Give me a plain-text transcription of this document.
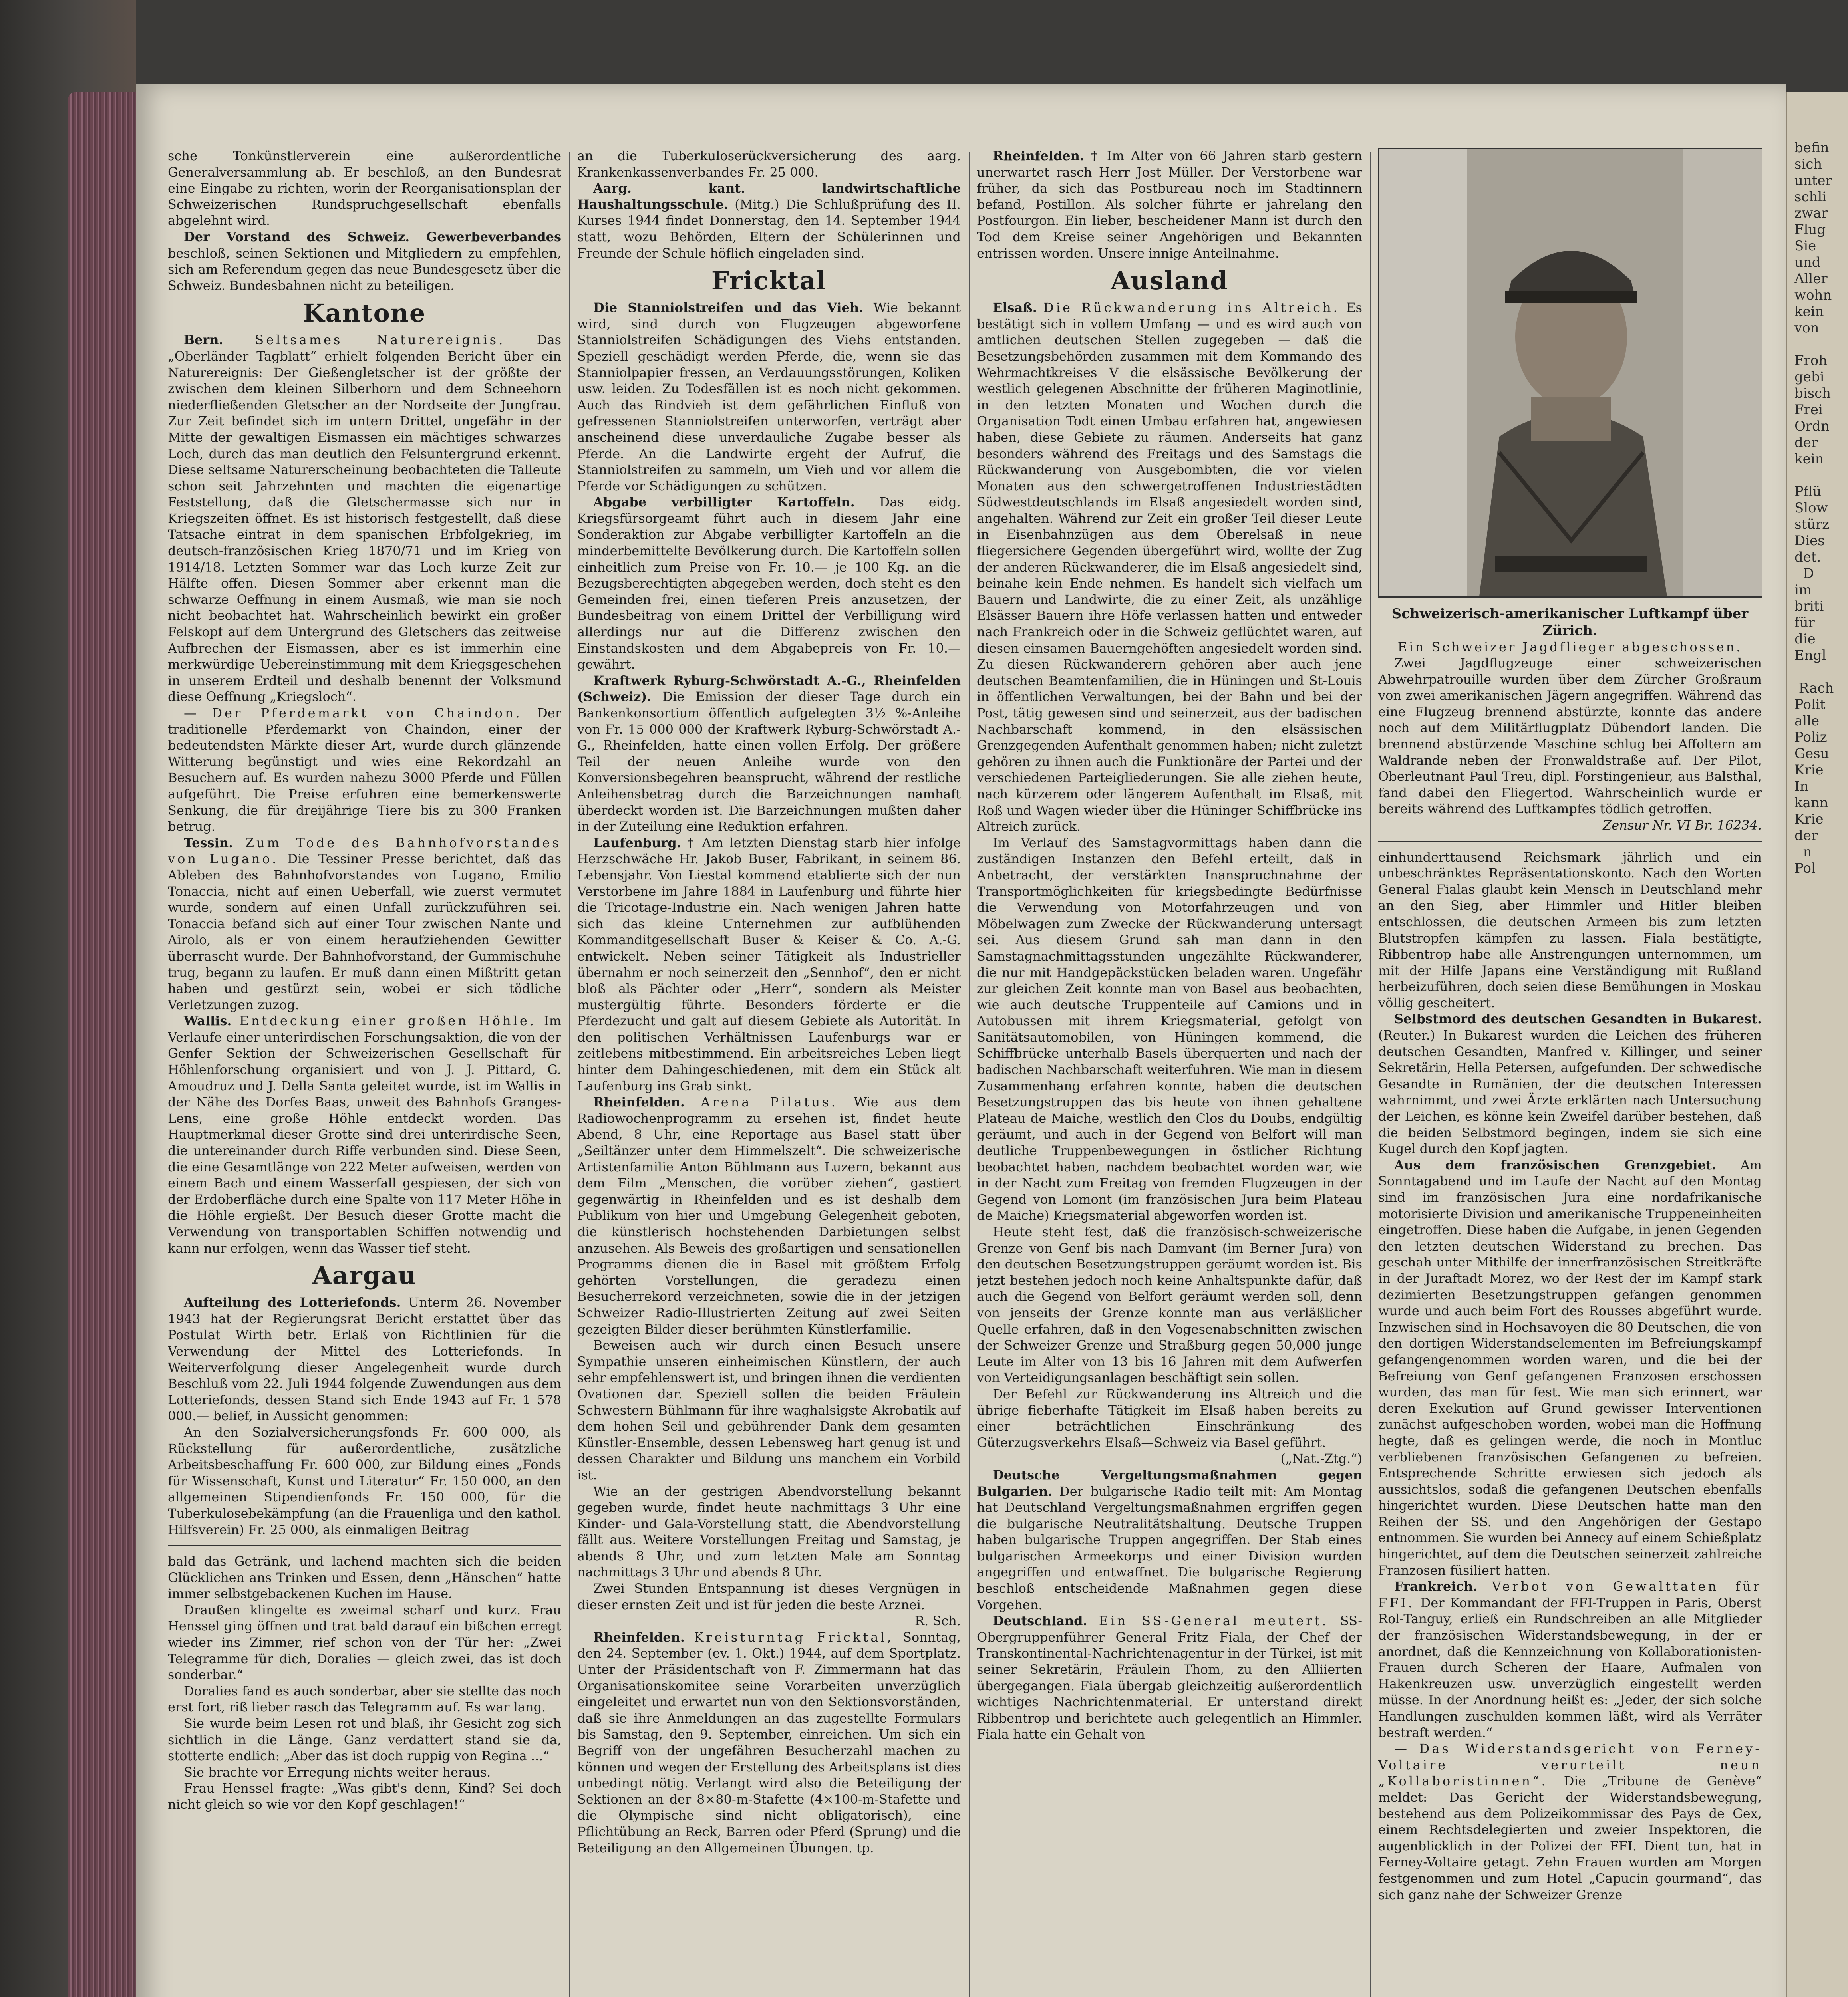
sche Tonkünstlerverein eine außerordentliche Generalversammlung ab. Er beschloß, an den Bundesrat eine Eingabe zu richten, worin der Reorganisationsplan der Schweizerischen Rundspruchgesellschaft ebenfalls abgelehnt wird.

Der Vorstand des Schweiz. Gewerbeverbandes beschloß, seinen Sektionen und Mitgliedern zu empfehlen, sich am Referendum gegen das neue Bundesgesetz über die Schweiz. Bundesbahnen nicht zu beteiligen.

Kantone

Bern. Seltsames Naturereignis. Das „Oberländer Tagblatt“ erhielt folgenden Bericht über ein Naturereignis: Der Gießengletscher ist der größte der zwischen dem kleinen Silberhorn und dem Schneehorn niederfließenden Gletscher an der Nordseite der Jungfrau. Zur Zeit befindet sich im untern Drittel, ungefähr in der Mitte der gewaltigen Eismassen ein mächtiges schwarzes Loch, durch das man deutlich den Felsuntergrund erkennt. Diese seltsame Naturerscheinung beobachteten die Talleute schon seit Jahrzehnten und machten die eigenartige Feststellung, daß die Gletschermasse sich nur in Kriegszeiten öffnet. Es ist historisch festgestellt, daß diese Tatsache eintrat in dem spanischen Erbfolgekrieg, im deutsch-französischen Krieg 1870/71 und im Krieg von 1914/18. Letzten Sommer war das Loch kurze Zeit zur Hälfte offen. Diesen Sommer aber erkennt man die schwarze Oeffnung in einem Ausmaß, wie man sie noch nicht beobachtet hat. Wahrscheinlich bewirkt ein großer Felskopf auf dem Untergrund des Gletschers das zeitweise Aufbrechen der Eismassen, aber es ist immerhin eine merkwürdige Uebereinstimmung mit dem Kriegsgeschehen in unserem Erdteil und deshalb benennt der Volksmund diese Oeffnung „Kriegsloch“.

— Der Pferdemarkt von Chaindon. Der traditionelle Pferdemarkt von Chaindon, einer der bedeutendsten Märkte dieser Art, wurde durch glänzende Witterung begünstigt und wies eine Rekordzahl an Besuchern auf. Es wurden nahezu 3000 Pferde und Füllen aufgeführt. Die Preise erfuhren eine bemerkenswerte Senkung, die für dreijährige Tiere bis zu 300 Franken betrug.

Tessin. Zum Tode des Bahnhofvorstandes von Lugano. Die Tessiner Presse berichtet, daß das Ableben des Bahnhofvorstandes von Lugano, Emilio Tonaccia, nicht auf einen Ueberfall, wie zuerst vermutet wurde, sondern auf einen Unfall zurückzuführen sei. Tonaccia befand sich auf einer Tour zwischen Nante und Airolo, als er von einem heraufziehenden Gewitter überrascht wurde. Der Bahnhofvorstand, der Gummischuhe trug, begann zu laufen. Er muß dann einen Mißtritt getan haben und gestürzt sein, wobei er sich tödliche Verletzungen zuzog.

Wallis. Entdeckung einer großen Höhle. Im Verlaufe einer unterirdischen Forschungsaktion, die von der Genfer Sektion der Schweizerischen Gesellschaft für Höhlenforschung organisiert und von J. J. Pittard, G. Amoudruz und J. Della Santa geleitet wurde, ist im Wallis in der Nähe des Dorfes Baas, unweit des Bahnhofs Granges-Lens, eine große Höhle entdeckt worden. Das Hauptmerkmal dieser Grotte sind drei unterirdische Seen, die untereinander durch Riffe verbunden sind. Diese Seen, die eine Gesamtlänge von 222 Meter aufweisen, werden von einem Bach und einem Wasserfall gespiesen, der sich von der Erdoberfläche durch eine Spalte von 117 Meter Höhe in die Höhle ergießt. Der Besuch dieser Grotte macht die Verwendung von transportablen Schiffen notwendig und kann nur erfolgen, wenn das Wasser tief steht.

Aargau

Aufteilung des Lotteriefonds. Unterm 26. November 1943 hat der Regierungsrat Bericht erstattet über das Postulat Wirth betr. Erlaß von Richtlinien für die Verwendung der Mittel des Lotteriefonds. In Weiterverfolgung dieser Angelegenheit wurde durch Beschluß vom 22. Juli 1944 folgende Zuwendungen aus dem Lotteriefonds, dessen Stand sich Ende 1943 auf Fr. 1 578 000.— belief, in Aussicht genommen:

An den Sozialversicherungsfonds Fr. 600 000, als Rückstellung für außerordentliche, zusätzliche Arbeitsbeschaffung Fr. 600 000, zur Bildung eines „Fonds für Wissenschaft, Kunst und Literatur“ Fr. 150 000, an den allgemeinen Stipendienfonds Fr. 150 000, für die Tuberkulosebekämpfung (an die Frauenliga und den kathol. Hilfsverein) Fr. 25 000, als einmaligen Beitrag

bald das Getränk, und lachend machten sich die beiden Glücklichen ans Trinken und Essen, denn „Hänschen“ hatte immer selbstgebackenen Kuchen im Hause.

Draußen klingelte es zweimal scharf und kurz. Frau Henssel ging öffnen und trat bald darauf ein bißchen erregt wieder ins Zimmer, rief schon von der Tür her: „Zwei Telegramme für dich, Doralies — gleich zwei, das ist doch sonderbar.“

Doralies fand es auch sonderbar, aber sie stellte das noch erst fort, riß lieber rasch das Telegramm auf. Es war lang.

Sie wurde beim Lesen rot und blaß, ihr Gesicht zog sich sichtlich in die Länge. Ganz verdattert stand sie da, stotterte endlich: „Aber das ist doch ruppig von Regina ...“

Sie brachte vor Erregung nichts weiter heraus.

Frau Henssel fragte: „Was gibt's denn, Kind? Sei doch nicht gleich so wie vor den Kopf geschlagen!“

an die Tuberkuloserückversicherung des aarg. Krankenkassenverbandes Fr. 25 000.

Aarg. kant. landwirtschaftliche Haushaltungsschule. (Mitg.) Die Schlußprüfung des II. Kurses 1944 findet Donnerstag, den 14. September 1944 statt, wozu Behörden, Eltern der Schülerinnen und Freunde der Schule höflich eingeladen sind.

Fricktal

Die Stanniolstreifen und das Vieh. Wie bekannt wird, sind durch von Flugzeugen abgeworfene Stanniolstreifen Schädigungen des Viehs entstanden. Speziell geschädigt werden Pferde, die, wenn sie das Stanniolpapier fressen, an Verdauungsstörungen, Koliken usw. leiden. Zu Todesfällen ist es noch nicht gekommen. Auch das Rindvieh ist dem gefährlichen Einfluß von gefressenen Stanniolstreifen unterworfen, verträgt aber anscheinend diese unverdauliche Zugabe besser als Pferde. An die Landwirte ergeht der Aufruf, die Stanniolstreifen zu sammeln, um Vieh und vor allem die Pferde vor Schädigungen zu schützen.

Abgabe verbilligter Kartoffeln. Das eidg. Kriegsfürsorgeamt führt auch in diesem Jahr eine Sonderaktion zur Abgabe verbilligter Kartoffeln an die minderbemittelte Bevölkerung durch. Die Kartoffeln sollen einheitlich zum Preise von Fr. 10.— je 100 Kg. an die Bezugsberechtigten abgegeben werden, doch steht es den Gemeinden frei, einen tieferen Preis anzusetzen, der Bundesbeitrag von einem Drittel der Verbilligung wird allerdings nur auf die Differenz zwischen den Einstandskosten und dem Abgabepreis von Fr. 10.— gewährt.

Kraftwerk Ryburg-Schwörstadt A.-G., Rheinfelden (Schweiz). Die Emission der dieser Tage durch ein Bankenkonsortium öffentlich aufgelegten 3½ %-Anleihe von Fr. 15 000 000 der Kraftwerk Ryburg-Schwörstadt A.-G., Rheinfelden, hatte einen vollen Erfolg. Der größere Teil der neuen Anleihe wurde von den Konversionsbegehren beansprucht, während der restliche Anleihensbetrag durch die Barzeichnungen namhaft überdeckt worden ist. Die Barzeichnungen mußten daher in der Zuteilung eine Reduktion erfahren.

Laufenburg. † Am letzten Dienstag starb hier infolge Herzschwäche Hr. Jakob Buser, Fabrikant, in seinem 86. Lebensjahr. Von Liestal kommend etablierte sich der nun Verstorbene im Jahre 1884 in Laufenburg und führte hier die Tricotage-Industrie ein. Nach wenigen Jahren hatte sich das kleine Unternehmen zur aufblühenden Kommanditgesellschaft Buser & Keiser & Co. A.-G. entwickelt. Neben seiner Tätigkeit als Industrieller übernahm er noch seinerzeit den „Sennhof“, den er nicht bloß als Pächter oder „Herr“, sondern als Meister mustergültig führte. Besonders förderte er die Pferdezucht und galt auf diesem Gebiete als Autorität. In den politischen Verhältnissen Laufenburgs war er zeitlebens mitbestimmend. Ein arbeitsreiches Leben liegt hinter dem Dahingeschiedenen, mit dem ein Stück alt Laufenburg ins Grab sinkt.

Rheinfelden. Arena Pilatus. Wie aus dem Radiowochenprogramm zu ersehen ist, findet heute Abend, 8 Uhr, eine Reportage aus Basel statt über „Seiltänzer unter dem Himmelszelt“. Die schweizerische Artistenfamilie Anton Bühlmann aus Luzern, bekannt aus dem Film „Menschen, die vorüber ziehen“, gastiert gegenwärtig in Rheinfelden und es ist deshalb dem Publikum von hier und Umgebung Gelegenheit geboten, die künstlerisch hochstehenden Darbietungen selbst anzusehen. Als Beweis des großartigen und sensationellen Programms dienen die in Basel mit größtem Erfolg gehörten Vorstellungen, die geradezu einen Besucherrekord verzeichneten, sowie die in der jetzigen Schweizer Radio-Illustrierten Zeitung auf zwei Seiten gezeigten Bilder dieser berühmten Künstlerfamilie.

Beweisen auch wir durch einen Besuch unsere Sympathie unseren einheimischen Künstlern, der auch sehr empfehlenswert ist, und bringen ihnen die verdienten Ovationen dar. Speziell sollen die beiden Fräulein Schwestern Bühlmann für ihre waghalsigste Akrobatik auf dem hohen Seil und gebührender Dank dem gesamten Künstler-Ensemble, dessen Lebensweg hart genug ist und dessen Charakter und Bildung uns manchem ein Vorbild ist.

Wie an der gestrigen Abendvorstellung bekannt gegeben wurde, findet heute nachmittags 3 Uhr eine Kinder- und Gala-Vorstellung statt, die Abendvorstellung fällt aus. Weitere Vorstellungen Freitag und Samstag, je abends 8 Uhr, und zum letzten Male am Sonntag nachmittags 3 Uhr und abends 8 Uhr.

Zwei Stunden Entspannung ist dieses Vergnügen in dieser ernsten Zeit und ist für jeden die beste Arznei.

R. Sch.

Rheinfelden. Kreisturntag Fricktal, Sonntag, den 24. September (ev. 1. Okt.) 1944, auf dem Sportplatz. Unter der Präsidentschaft von F. Zimmermann hat das Organisationskomitee seine Vorarbeiten unverzüglich eingeleitet und erwartet nun von den Sektionsvorständen, daß sie ihre Anmeldungen an das zugestellte Formulars bis Samstag, den 9. September, einreichen. Um sich ein Begriff von der ungefähren Besucherzahl machen zu können und wegen der Erstellung des Arbeitsplans ist dies unbedingt nötig. Verlangt wird also die Beteiligung der Sektionen an der 8×80-m-Stafette (4×100-m-Stafette und die Olympische sind nicht obligatorisch), eine Pflichtübung an Reck, Barren oder Pferd (Sprung) und die Beteiligung an den Allgemeinen Übungen. tp.

Rheinfelden. † Im Alter von 66 Jahren starb gestern unerwartet rasch Herr Jost Müller. Der Verstorbene war früher, da sich das Postbureau noch im Stadtinnern befand, Postillon. Als solcher führte er jahrelang den Postfourgon. Ein lieber, bescheidener Mann ist durch den Tod dem Kreise seiner Angehörigen und Bekannten entrissen worden. Unsere innige Anteilnahme.

Ausland

Elsaß. Die Rückwanderung ins Altreich. Es bestätigt sich in vollem Umfang — und es wird auch von amtlichen deutschen Stellen zugegeben — daß die Besetzungsbehörden zusammen mit dem Kommando des Wehrmachtkreises V die elsässische Bevölkerung der westlich gelegenen Abschnitte der früheren Maginotlinie, in den letzten Monaten und Wochen durch die Organisation Todt einen Umbau erfahren hat, angewiesen haben, diese Gebiete zu räumen. Anderseits hat ganz besonders während des Freitags und des Samstags die Rückwanderung von Ausgebombten, die vor vielen Monaten aus den schwergetroffenen Industriestädten Südwestdeutschlands im Elsaß angesiedelt worden sind, angehalten. Während zur Zeit ein großer Teil dieser Leute in Eisenbahnzügen aus dem Oberelsaß in neue fliegersichere Gegenden übergeführt wird, wollte der Zug der anderen Rückwanderer, die im Elsaß angesiedelt sind, beinahe kein Ende nehmen. Es handelt sich vielfach um Bauern und Landwirte, die zu einer Zeit, als unzählige Elsässer Bauern ihre Höfe verlassen hatten und entweder nach Frankreich oder in die Schweiz geflüchtet waren, auf diesen einsamen Bauerngehöften angesiedelt worden sind. Zu diesen Rückwanderern gehören aber auch jene deutschen Beamtenfamilien, die in Hüningen und St-Louis in öffentlichen Verwaltungen, bei der Bahn und bei der Post, tätig gewesen sind und seinerzeit, aus der badischen Nachbarschaft kommend, in den elsässischen Grenzgegenden Aufenthalt genommen haben; nicht zuletzt gehören zu ihnen auch die Funktionäre der Partei und der verschiedenen Parteigliederungen. Sie alle ziehen heute, nach kürzerem oder längerem Aufenthalt im Elsaß, mit Roß und Wagen wieder über die Hüninger Schiffbrücke ins Altreich zurück.

Im Verlauf des Samstagvormittags haben dann die zuständigen Instanzen den Befehl erteilt, daß in Anbetracht, der verstärkten Inanspruchnahme der Transportmöglichkeiten für kriegsbedingte Bedürfnisse die Verwendung von Motorfahrzeugen und von Möbelwagen zum Zwecke der Rückwanderung untersagt sei. Aus diesem Grund sah man dann in den Samstagnachmittagsstunden ungezählte Rückwanderer, die nur mit Handgepäckstücken beladen waren. Ungefähr zur gleichen Zeit konnte man von Basel aus beobachten, wie auch deutsche Truppenteile auf Camions und in Autobussen mit ihrem Kriegsmaterial, gefolgt von Sanitätsautomobilen, von Hüningen kommend, die Schiffbrücke unterhalb Basels überquerten und nach der badischen Nachbarschaft weiterfuhren. Wie man in diesem Zusammenhang erfahren konnte, haben die deutschen Besetzungstruppen das bis heute von ihnen gehaltene Plateau de Maiche, westlich den Clos du Doubs, endgültig geräumt, und auch in der Gegend von Belfort will man deutliche Truppenbewegungen in östlicher Richtung beobachtet haben, nachdem beobachtet worden war, wie in der Nacht zum Freitag von fremden Flugzeugen in der Gegend von Lomont (im französischen Jura beim Plateau de Maiche) Kriegsmaterial abgeworfen worden ist.

Heute steht fest, daß die französisch-schweizerische Grenze von Genf bis nach Damvant (im Berner Jura) von den deutschen Besetzungstruppen geräumt worden ist. Bis jetzt bestehen jedoch noch keine Anhaltspunkte dafür, daß auch die Gegend von Belfort geräumt werden soll, denn von jenseits der Grenze konnte man aus verläßlicher Quelle erfahren, daß in den Vogesenabschnitten zwischen der Schweizer Grenze und Straßburg gegen 50,000 junge Leute im Alter von 13 bis 16 Jahren mit dem Aufwerfen von Verteidigungsanlagen beschäftigt sein sollen.

Der Befehl zur Rückwanderung ins Altreich und die übrige fieberhafte Tätigkeit im Elsaß haben bereits zu einer beträchtlichen Einschränkung des Güterzugsverkehrs Elsaß—Schweiz via Basel geführt.

(„Nat.-Ztg.“)

Deutsche Vergeltungsmaßnahmen gegen Bulgarien. Der bulgarische Radio teilt mit: Am Montag hat Deutschland Vergeltungsmaßnahmen ergriffen gegen die bulgarische Neutralitätshaltung. Deutsche Truppen haben bulgarische Truppen angegriffen. Der Stab eines bulgarischen Armeekorps und einer Division wurden angegriffen und entwaffnet. Die bulgarische Regierung beschloß entscheidende Maßnahmen gegen diese Vorgehen.

Deutschland. Ein SS-General meutert. SS-Obergruppenführer General Fritz Fiala, der Chef der Transkontinental-Nachrichtenagentur in der Türkei, ist mit seiner Sekretärin, Fräulein Thom, zu den Alliierten übergegangen. Fiala übergab gleichzeitig außerordentlich wichtiges Nachrichtenmaterial. Er unterstand direkt Ribbentrop und berichtete auch gelegentlich an Himmler. Fiala hatte ein Gehalt von

Schweizerisch-amerikanischer Luftkampf über Zürich.
Ein Schweizer Jagdflieger abgeschossen.

Zwei Jagdflugzeuge einer schweizerischen Abwehrpatrouille wurden über dem Zürcher Großraum von zwei amerikanischen Jägern angegriffen. Während das eine Flugzeug brennend abstürzte, konnte das andere noch auf dem Militärflugplatz Dübendorf landen. Die brennend abstürzende Maschine schlug bei Affoltern am Waldrande neben der Fronwaldstraße auf. Der Pilot, Oberleutnant Paul Treu, dipl. Forstingenieur, aus Balsthal, fand dabei den Fliegertod. Wahrscheinlich wurde er bereits während des Luftkampfes tödlich getroffen.

Zensur Nr. VI Br. 16234.

einhunderttausend Reichsmark jährlich und ein unbeschränktes Repräsentationskonto. Nach den Worten General Fialas glaubt kein Mensch in Deutschland mehr an den Sieg, aber Himmler und Hitler bleiben entschlossen, die deutschen Armeen bis zum letzten Blutstropfen kämpfen zu lassen. Fiala bestätigte, Ribbentrop habe alle Anstrengungen unternommen, um mit der Hilfe Japans eine Verständigung mit Rußland herbeizuführen, doch seien diese Bemühungen in Moskau völlig gescheitert.

Selbstmord des deutschen Gesandten in Bukarest. (Reuter.) In Bukarest wurden die Leichen des früheren deutschen Gesandten, Manfred v. Killinger, und seiner Sekretärin, Hella Petersen, aufgefunden. Der schwedische Gesandte in Rumänien, der die deutschen Interessen wahrnimmt, und zwei Ärzte erklärten nach Untersuchung der Leichen, es könne kein Zweifel darüber bestehen, daß die beiden Selbstmord begingen, indem sie sich eine Kugel durch den Kopf jagten.

Aus dem französischen Grenzgebiet. Am Sonntagabend und im Laufe der Nacht auf den Montag sind im französischen Jura eine nordafrikanische motorisierte Division und amerikanische Truppeneinheiten eingetroffen. Diese haben die Aufgabe, in jenen Gegenden den letzten deutschen Widerstand zu brechen. Das geschah unter Mithilfe der innerfranzösischen Streitkräfte in der Juraftadt Morez, wo der Rest der im Kampf stark dezimierten Besetzungstruppen gefangen genommen wurde und auch beim Fort des Rousses abgeführt wurde. Inzwischen sind in Hochsavoyen die 80 Deutschen, die von den dortigen Widerstandselementen im Befreiungskampf gefangengenommen worden waren, und die bei der Befreiung von Genf gefangenen Franzosen erschossen wurden, das man für fest. Wie man sich erinnert, war deren Exekution auf Grund gewisser Interventionen zunächst aufgeschoben worden, wobei man die Hoffnung hegte, daß es gelingen werde, die noch in Montluc verbliebenen französischen Gefangenen zu befreien. Entsprechende Schritte erwiesen sich jedoch als aussichtslos, sodaß die gefangenen Deutschen ebenfalls hingerichtet wurden. Diese Deutschen hatte man den Reihen der SS. und den Angehörigen der Gestapo entnommen. Sie wurden bei Annecy auf einem Schießplatz hingerichtet, auf dem die Deutschen seinerzeit zahlreiche Franzosen füsiliert hatten.

Frankreich. Verbot von Gewalttaten für FFI. Der Kommandant der FFI-Truppen in Paris, Oberst Rol-Tanguy, erließ ein Rundschreiben an alle Mitglieder der französischen Widerstandsbewegung, in der er anordnet, daß die Kennzeichnung von Kollaborationisten-Frauen durch Scheren der Haare, Aufmalen von Hakenkreuzen usw. unverzüglich eingestellt werden müsse. In der Anordnung heißt es: „Jeder, der sich solche Handlungen zuschulden kommen läßt, wird als Verräter bestraft werden.“

— Das Widerstandsgericht von Ferney-Voltaire verurteilt neun „Kollaboristinnen“. Die „Tribune de Genève“ meldet: Das Gericht der Widerstandsbewegung, bestehend aus dem Polizeikommissar des Pays de Gex, einem Rechtsdelegierten und zweier Inspektoren, die augenblicklich in der Polizei der FFI. Dient tun, hat in Ferney-Voltaire getagt. Zehn Frauen wurden am Morgen festgenommen und zum Hotel „Capucin gourmand“, das sich ganz nahe der Schweizer Grenze

befin
sich
unter
schli
zwar
Flug
Sie
und
Aller
wohn
kein
von

Froh
gebi
bisch
Frei
Ordn
der
kein

Pflü
Slow
stürz
Dies
det.
D
im
briti
für
die
Engl

Rach
Polit
alle
Poliz
Gesu
Krie
In
kann
Krie
der
n
Pol
